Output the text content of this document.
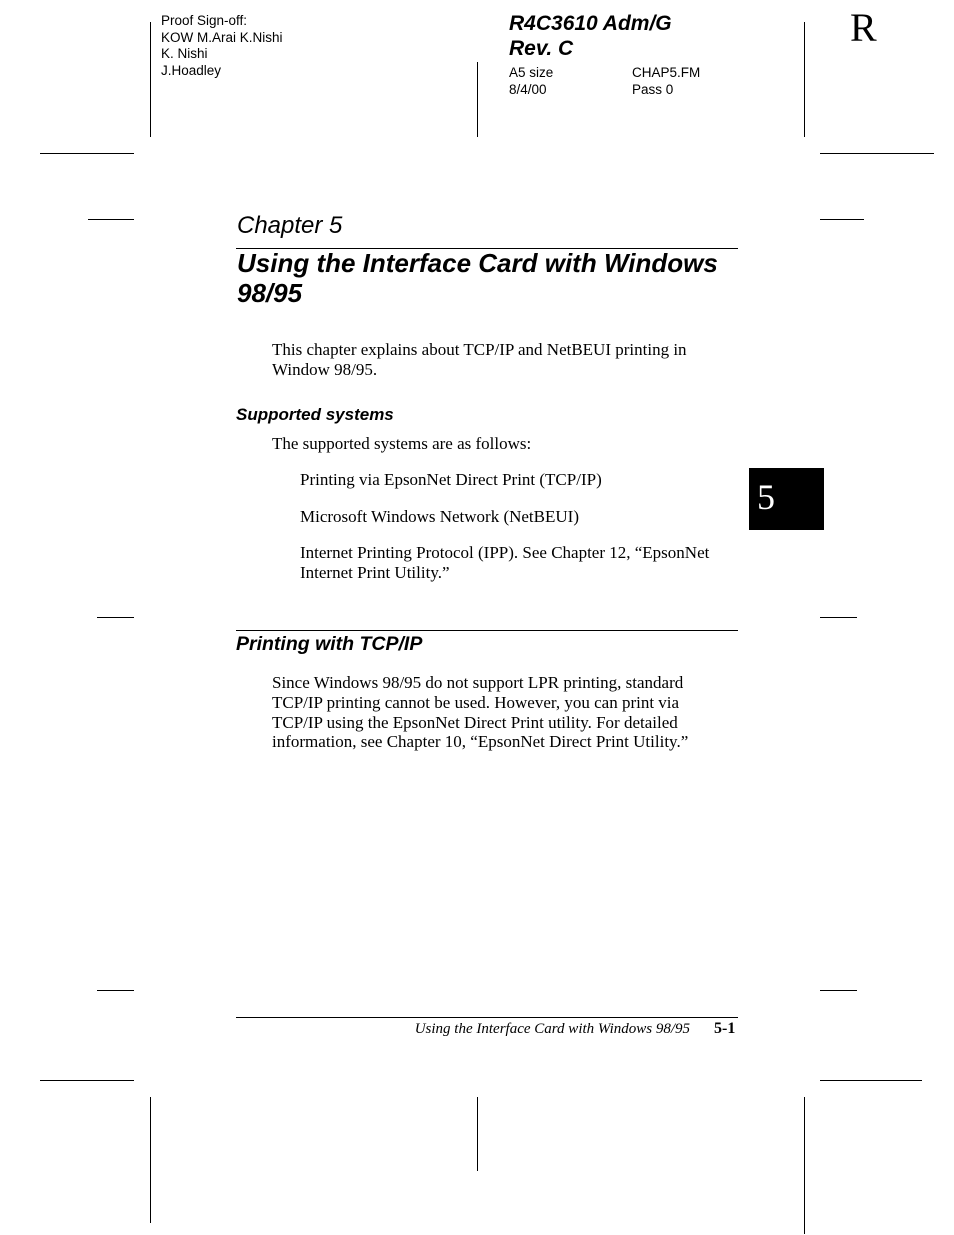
Proof Sign-off:
KOW M.Arai K.Nishi
K. Nishi
J.Hoadley
R4C3610 Adm/G
Rev. C
A5 size	CHAP5.FM
8/4/00	Pass 0
R
Chapter 5
Using the Interface Card with Windows 98/95
This chapter explains about TCP/IP and NetBEUI printing in Window 98/95.
Supported systems
The supported systems are as follows:
Printing via EpsonNet Direct Print (TCP/IP)
Microsoft Windows Network (NetBEUI)
Internet Printing Protocol (IPP). See Chapter 12, “EpsonNet Internet Print Utility.”
5
Printing with TCP/IP
Since Windows 98/95 do not support LPR printing, standard TCP/IP printing cannot be used. However, you can print via TCP/IP using the EpsonNet Direct Print utility. For detailed information, see Chapter 10, “EpsonNet Direct Print Utility.”
Using the Interface Card with Windows 98/95 5-1
